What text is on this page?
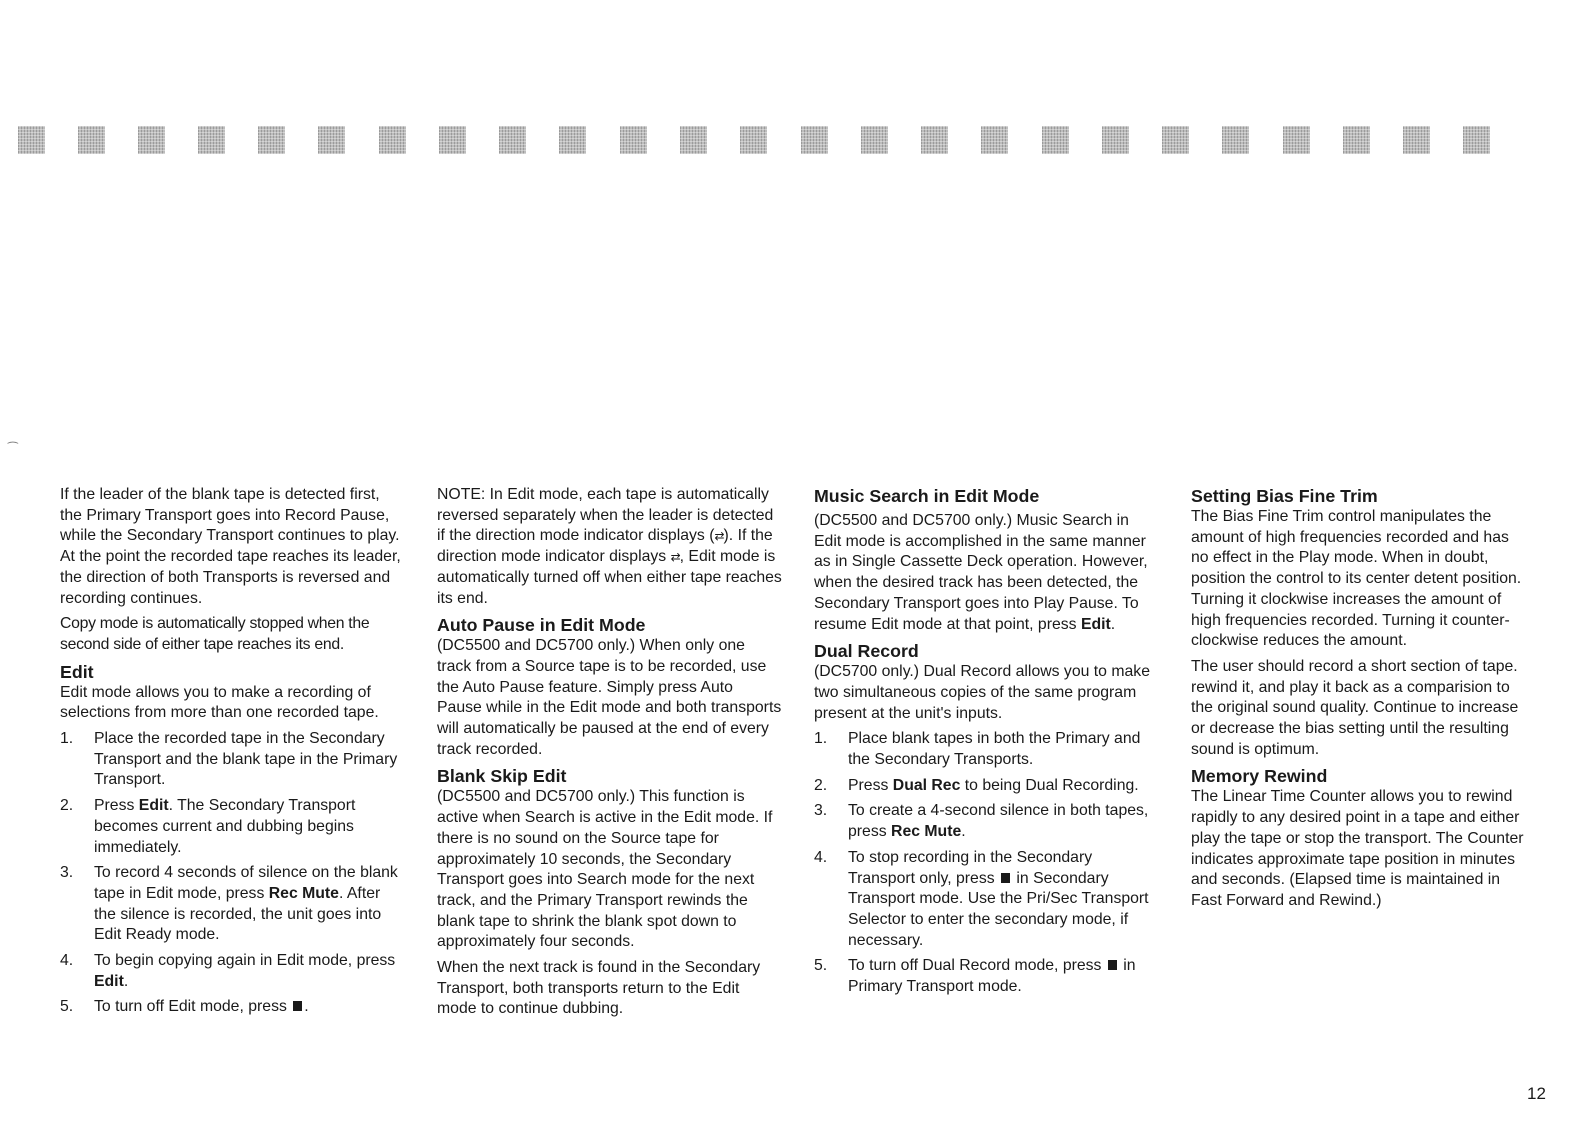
⁀

If the leader of the blank tape is detected first, the Primary Transport goes into Record Pause, while the Secondary Transport continues to play. At the point the recorded tape reaches its leader, the direction of both Transports is reversed and recording continues.

Copy mode is automatically stopped when the second side of either tape reaches its end.

Edit

Edit mode allows you to make a recording of selections from more than one recorded tape.

1. Place the recorded tape in the Secondary Transport and the blank tape in the Primary Transport.
2. Press Edit. The Secondary Transport becomes current and dubbing begins immediately.
3. To record 4 seconds of silence on the blank tape in Edit mode, press Rec Mute. After the silence is recorded, the unit goes into Edit Ready mode.
4. To begin copying again in Edit mode, press Edit.
5. To turn off Edit mode, press .

NOTE: In Edit mode, each tape is automatically reversed separately when the leader is detected if the direction mode indicator displays (⇄). If the direction mode indicator displays ⇄, Edit mode is automatically turned off when either tape reaches its end.

Auto Pause in Edit Mode

(DC5500 and DC5700 only.) When only one track from a Source tape is to be recorded, use the Auto Pause feature. Simply press Auto Pause while in the Edit mode and both transports will automatically be paused at the end of every track recorded.

Blank Skip Edit

(DC5500 and DC5700 only.) This function is active when Search is active in the Edit mode. If there is no sound on the Source tape for approximately 10 seconds, the Secondary Transport goes into Search mode for the next track, and the Primary Transport rewinds the blank tape to shrink the blank spot down to approximately four seconds.

When the next track is found in the Secondary Transport, both transports return to the Edit mode to continue dubbing.

Music Search in Edit Mode

(DC5500 and DC5700 only.) Music Search in Edit mode is accomplished in the same manner as in Single Cassette Deck operation. However, when the desired track has been detected, the Secondary Transport goes into Play Pause. To resume Edit mode at that point, press Edit.

Dual Record

(DC5700 only.) Dual Record allows you to make two simultaneous copies of the same program present at the unit's inputs.

1. Place blank tapes in both the Primary and the Secondary Transports.
2. Press Dual Rec to being Dual Recording.
3. To create a 4-second silence in both tapes, press Rec Mute.
4. To stop recording in the Secondary Transport only, press  in Secondary Transport mode. Use the Pri/Sec Transport Selector to enter the secondary mode, if necessary.
5. To turn off Dual Record mode, press  in Primary Transport mode.
Setting Bias Fine Trim

The Bias Fine Trim control manipulates the amount of high frequencies recorded and has no effect in the Play mode. When in doubt, position the control to its center detent position. Turning it clockwise increases the amount of high frequencies recorded. Turning it counter-clockwise reduces the amount.

The user should record a short section of tape. rewind it, and play it back as a comparision to the original sound quality. Continue to increase or decrease the bias setting until the resulting sound is optimum.

Memory Rewind

The Linear Time Counter allows you to rewind rapidly to any desired point in a tape and either play the tape or stop the transport. The Counter indicates approximate tape position in minutes and seconds. (Elapsed time is maintained in Fast Forward and Rewind.)

12
